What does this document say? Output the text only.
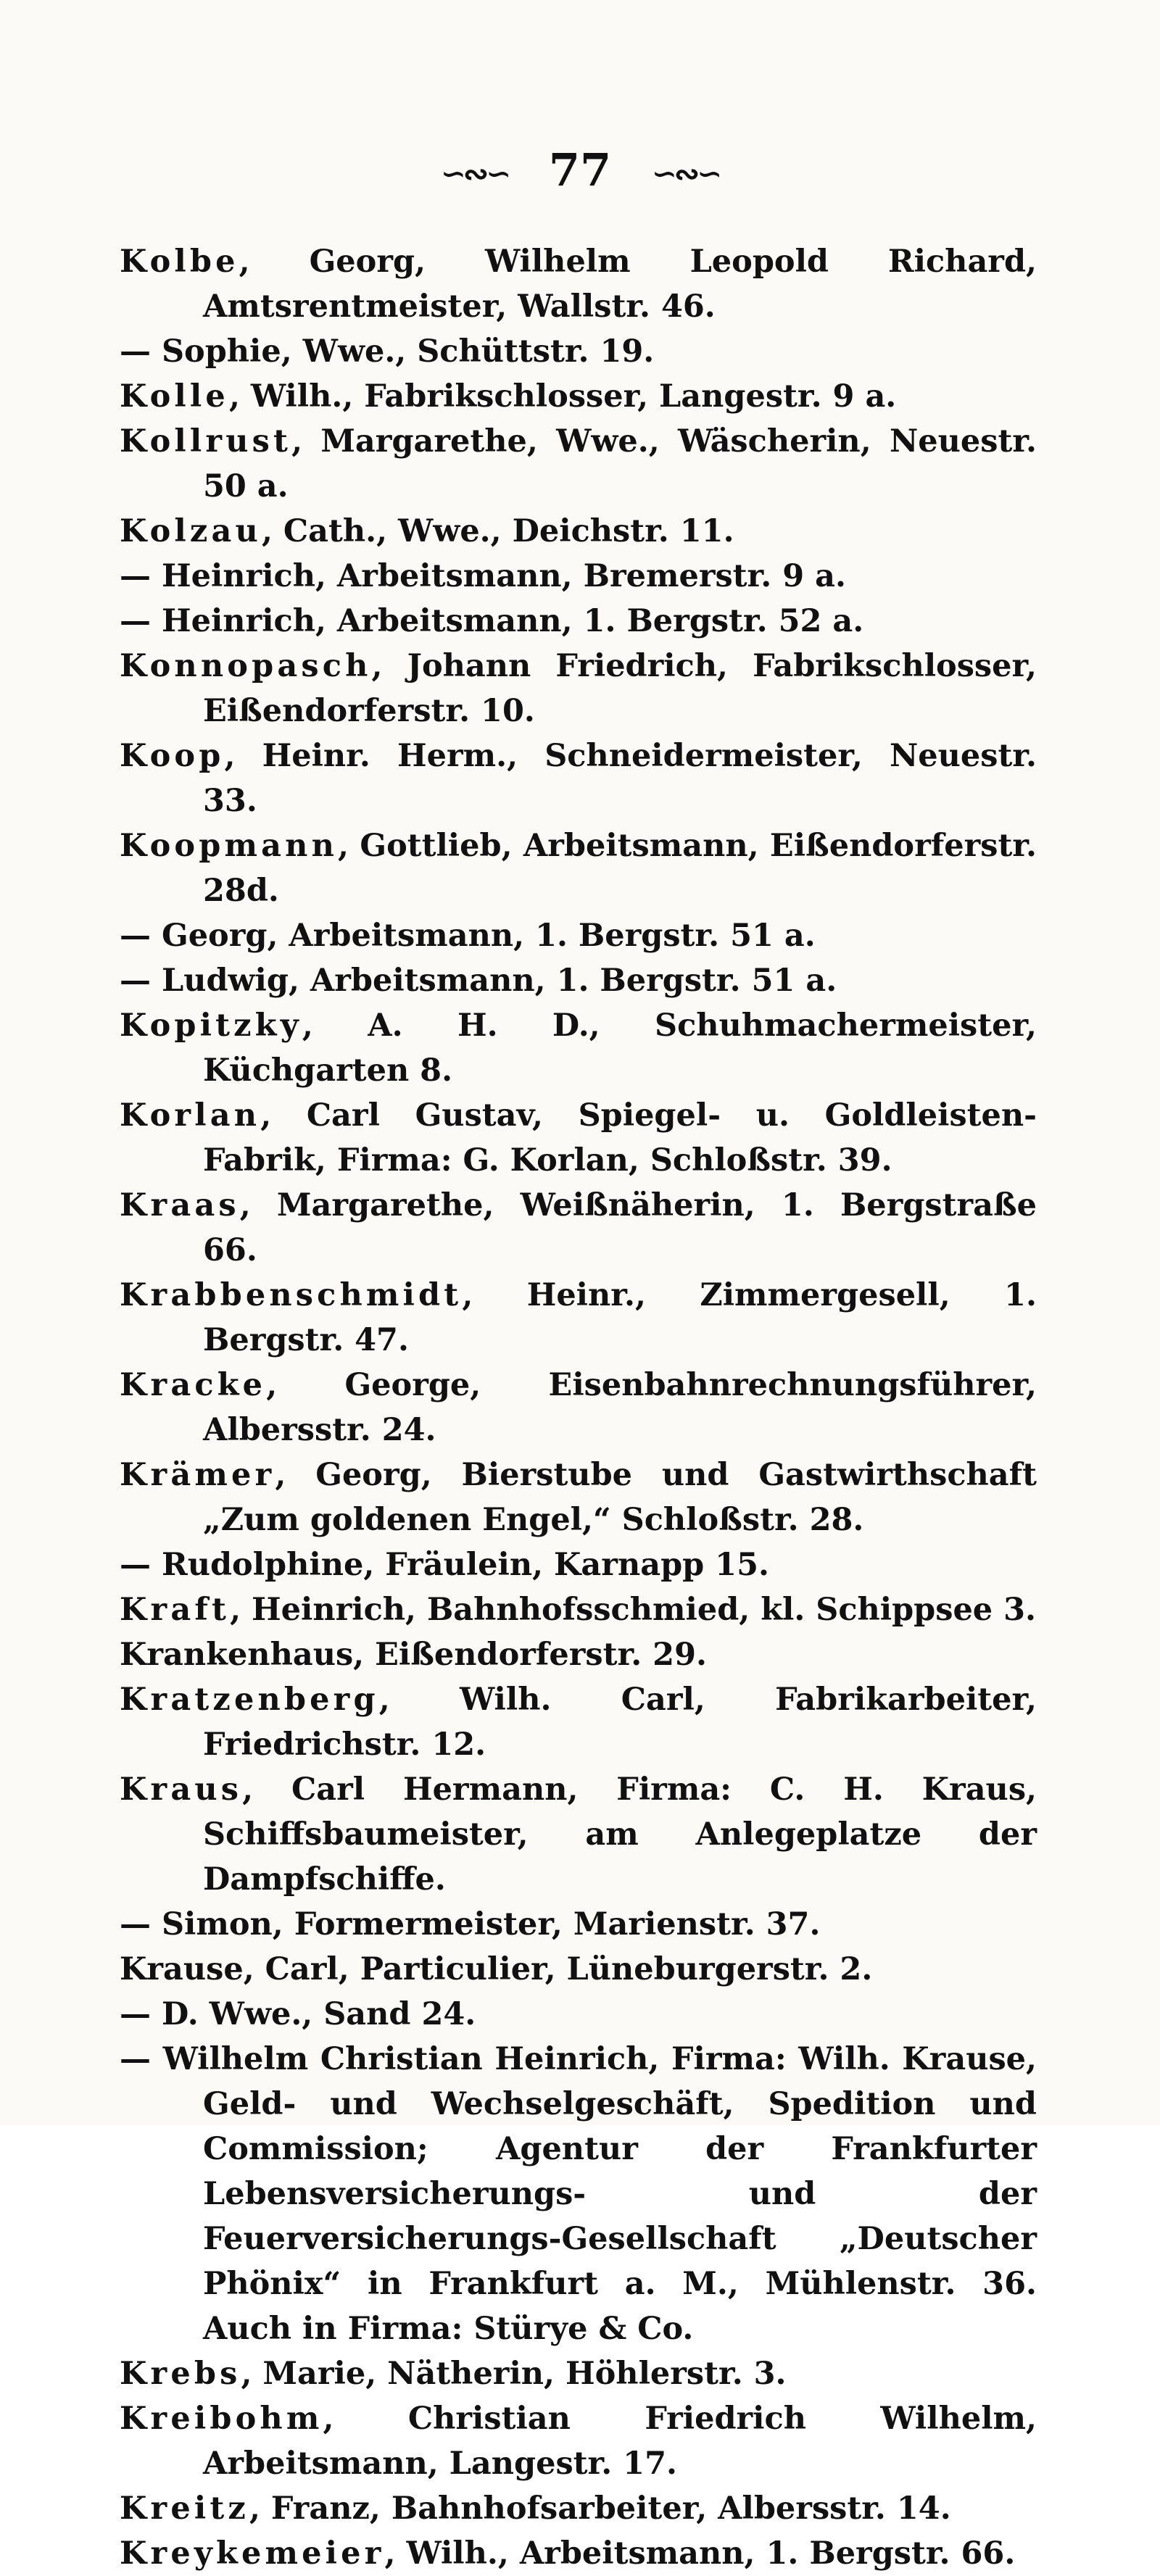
∽∾∽ 77 ∽∾∽

Kolbe, Georg, Wilhelm Leopold Richard, Amtsrentmeister, Wallstr. 46.

— Sophie, Wwe., Schüttstr. 19.

Kolle, Wilh., Fabrikschlosser, Langestr. 9 a.

Kollrust, Margarethe, Wwe., Wäscherin, Neuestr. 50 a.

Kolzau, Cath., Wwe., Deichstr. 11.

— Heinrich, Arbeitsmann, Bremerstr. 9 a.

— Heinrich, Arbeitsmann, 1. Bergstr. 52 a.

Konnopasch, Johann Friedrich, Fabrikschlosser, Eißendorferstr. 10.

Koop, Heinr. Herm., Schneidermeister, Neuestr. 33.

Koopmann, Gottlieb, Arbeitsmann, Eißendorferstr. 28d.

— Georg, Arbeitsmann, 1. Bergstr. 51 a.

— Ludwig, Arbeitsmann, 1. Bergstr. 51 a.

Kopitzky, A. H. D., Schuhmachermeister, Küchgarten 8.

Korlan, Carl Gustav, Spiegel- u. Goldleisten-Fabrik, Firma: G. Korlan, Schloßstr. 39.

Kraas, Margarethe, Weißnäherin, 1. Bergstraße 66.

Krabbenschmidt, Heinr., Zimmergesell, 1. Bergstr. 47.

Kracke, George, Eisenbahnrechnungsführer, Albersstr. 24.

Krämer, Georg, Bierstube und Gastwirthschaft „Zum goldenen Engel,“ Schloßstr. 28.

— Rudolphine, Fräulein, Karnapp 15.

Kraft, Heinrich, Bahnhofsschmied, kl. Schippsee 3.

Krankenhaus, Eißendorferstr. 29.

Kratzenberg, Wilh. Carl, Fabrikarbeiter, Friedrichstr. 12.

Kraus, Carl Hermann, Firma: C. H. Kraus, Schiffsbaumeister, am Anlegeplatze der Dampfschiffe.

— Simon, Formermeister, Marienstr. 37.

Krause, Carl, Particulier, Lüneburgerstr. 2.

— D. Wwe., Sand 24.

— Wilhelm Christian Heinrich, Firma: Wilh. Krause, Geld- und Wechselgeschäft, Spedition und Commission; Agentur der Frankfurter Lebensversicherungs- und der Feuerversicherungs-Gesellschaft „Deutscher Phönix“ in Frankfurt a. M., Mühlenstr. 36. Auch in Firma: Stürye & Co.

Krebs, Marie, Nätherin, Höhlerstr. 3.

Kreibohm, Christian Friedrich Wilhelm, Arbeitsmann, Langestr. 17.

Kreitz, Franz, Bahnhofsarbeiter, Albersstr. 14.

Kreykemeier, Wilh., Arbeitsmann, 1. Bergstr. 66.
